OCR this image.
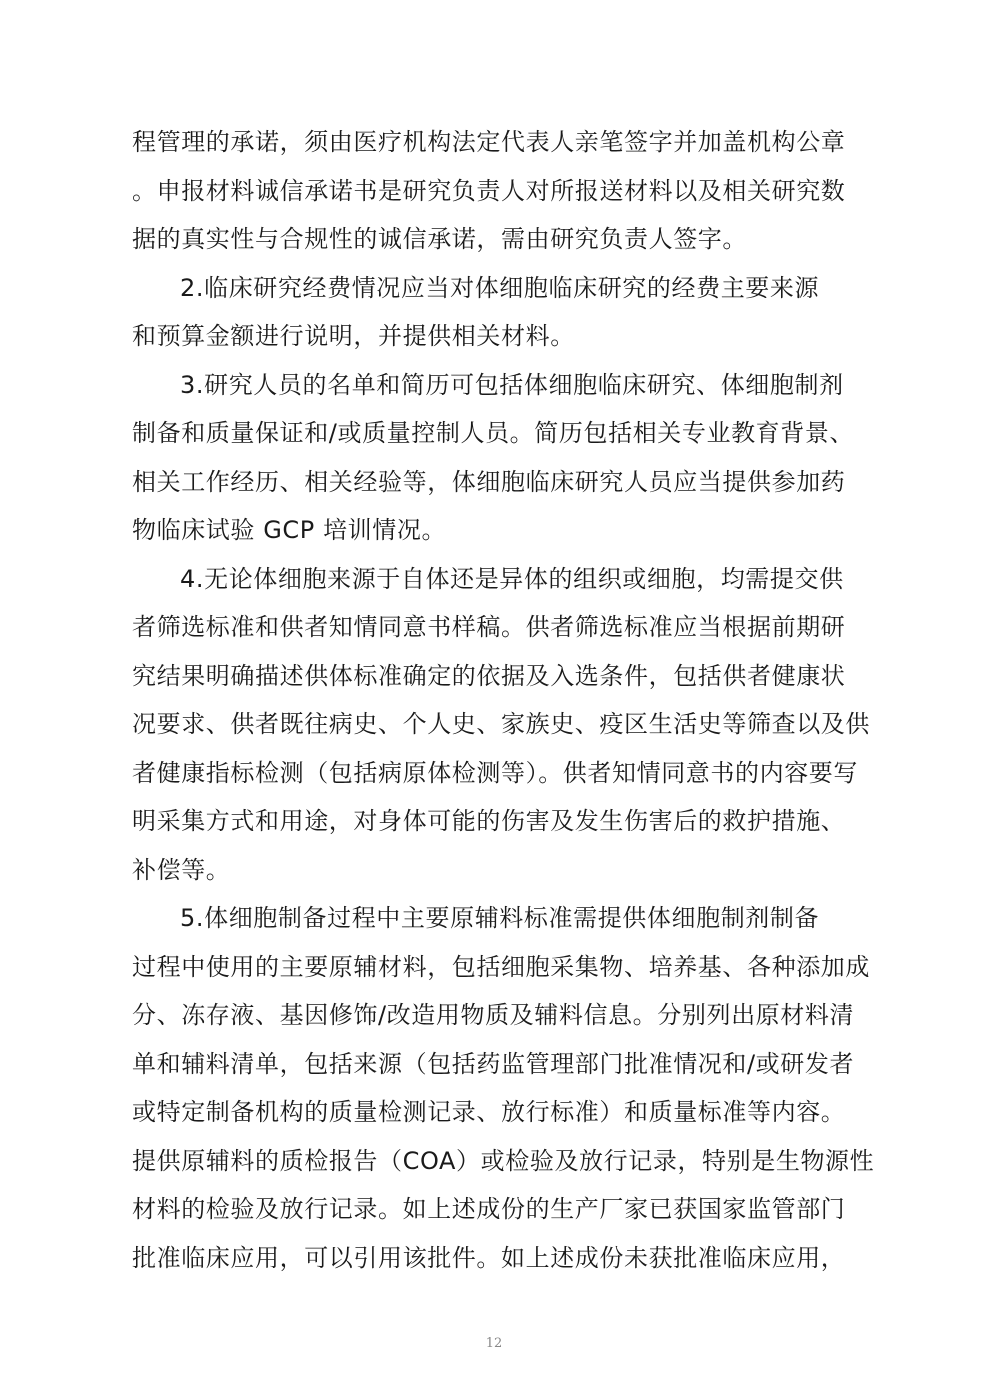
程管理的承诺，须由医疗机构法定代表人亲笔签字并加盖机构公章
。申报材料诚信承诺书是研究负责人对所报送材料以及相关研究数
据的真实性与合规性的诚信承诺，需由研究负责人签字。
2.临床研究经费情况应当对体细胞临床研究的经费主要来源
和预算金额进行说明，并提供相关材料。
3.研究人员的名单和简历可包括体细胞临床研究、体细胞制剂
制备和质量保证和/或质量控制人员。简历包括相关专业教育背景、
相关工作经历、相关经验等，体细胞临床研究人员应当提供参加药
物临床试验 GCP 培训情况。
4.无论体细胞来源于自体还是异体的组织或细胞，均需提交供
者筛选标准和供者知情同意书样稿。供者筛选标准应当根据前期研
究结果明确描述供体标准确定的依据及入选条件，包括供者健康状
况要求、供者既往病史、个人史、家族史、疫区生活史等筛查以及供
者健康指标检测（包括病原体检测等）。供者知情同意书的内容要写
明采集方式和用途，对身体可能的伤害及发生伤害后的救护措施、
补偿等。
5.体细胞制备过程中主要原辅料标准需提供体细胞制剂制备
过程中使用的主要原辅材料，包括细胞采集物、培养基、各种添加成
分、冻存液、基因修饰/改造用物质及辅料信息。分别列出原材料清
单和辅料清单，包括来源（包括药监管理部门批准情况和/或研发者
或特定制备机构的质量检测记录、放行标准）和质量标准等内容。
提供原辅料的质检报告（COA）或检验及放行记录，特别是生物源性
材料的检验及放行记录。如上述成份的生产厂家已获国家监管部门
批准临床应用，可以引用该批件。如上述成份未获批准临床应用，
12
